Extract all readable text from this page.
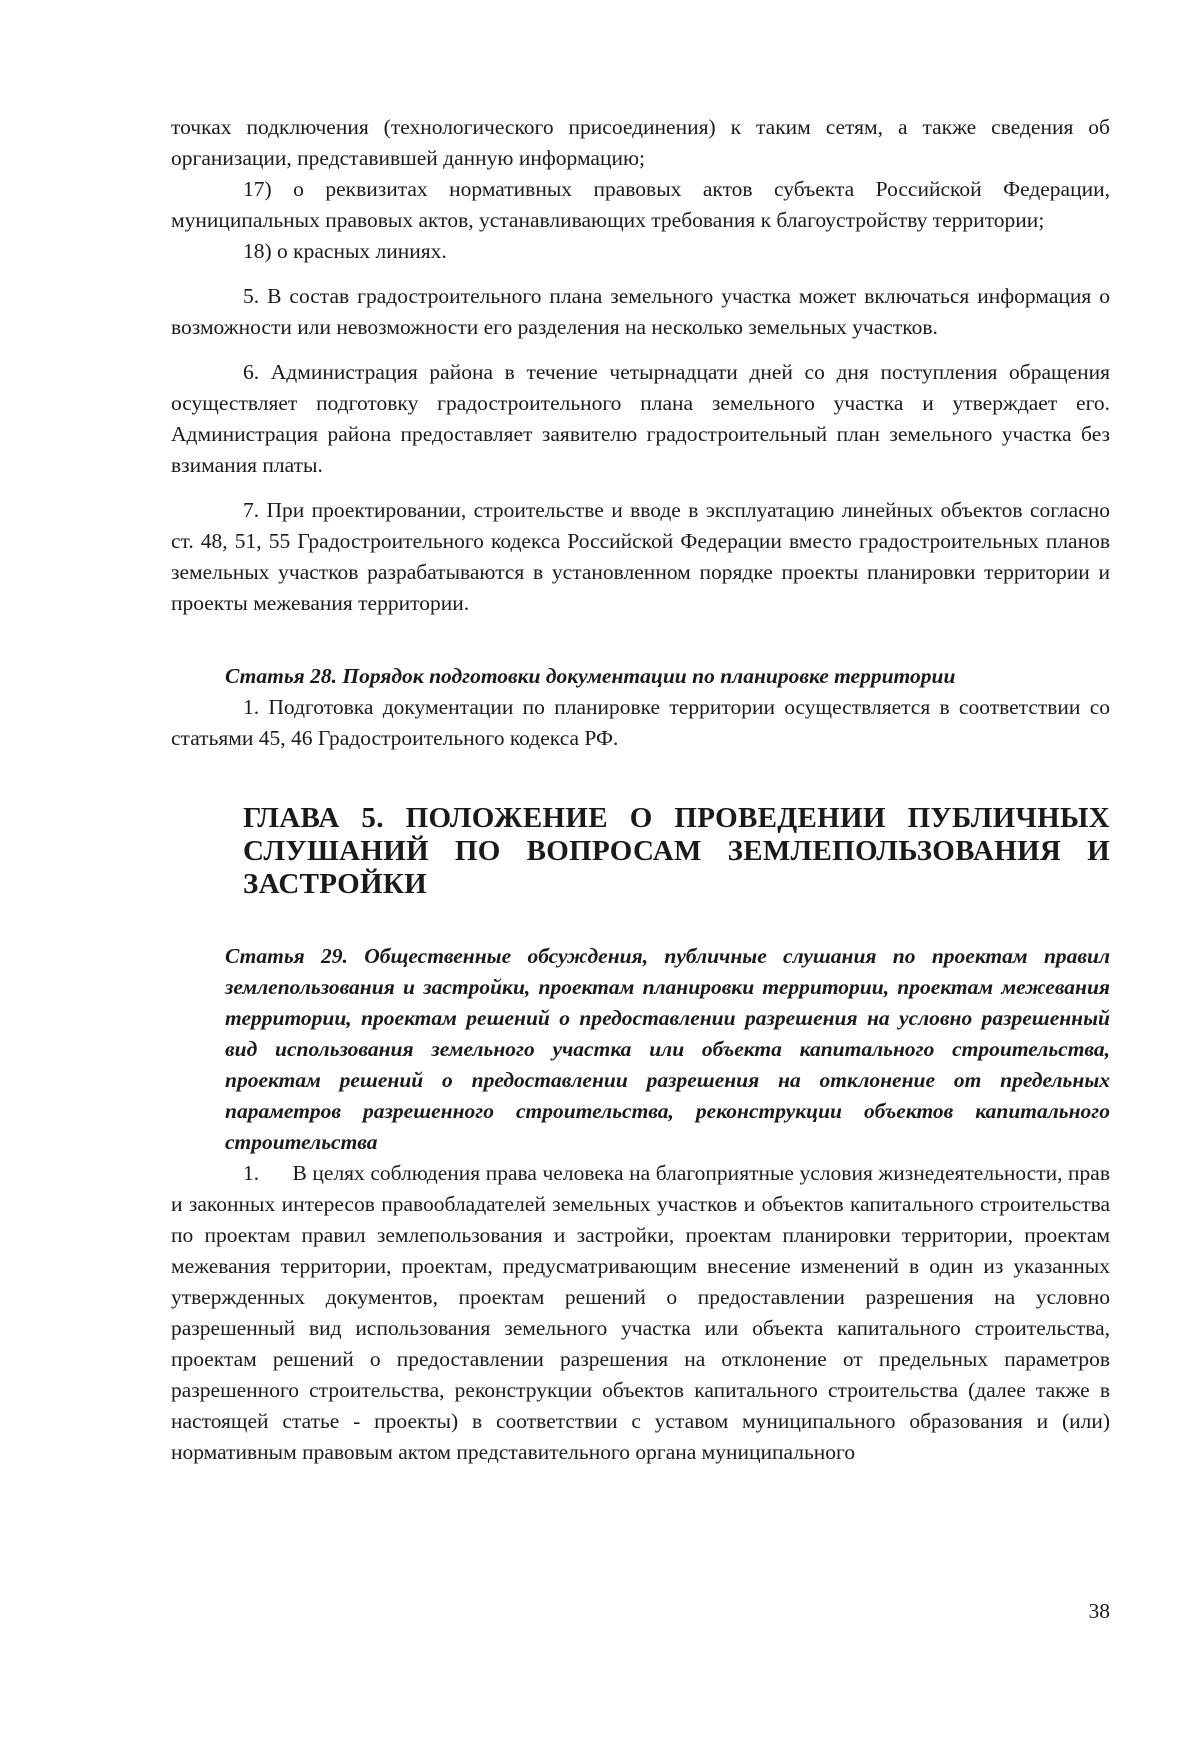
точках подключения (технологического присоединения) к таким сетям, а также сведения об организации, представившей данную информацию;

17) о реквизитах нормативных правовых актов субъекта Российской Федерации, муниципальных правовых актов, устанавливающих требования к благоустройству территории;

18) о красных линиях.

5. В состав градостроительного плана земельного участка может включаться информация о возможности или невозможности его разделения на несколько земельных участков.

6. Администрация района в течение четырнадцати дней со дня поступления обращения осуществляет подготовку градостроительного плана земельного участка и утверждает его. Администрация района предоставляет заявителю градостроительный план земельного участка без взимания платы.

7. При проектировании, строительстве и вводе в эксплуатацию линейных объектов согласно ст. 48, 51, 55 Градостроительного кодекса Российской Федерации вместо градостроительных планов земельных участков разрабатываются в установленном порядке проекты планировки территории и проекты межевания территории.

Статья 28. Порядок подготовки документации по планировке территории

1. Подготовка документации по планировке территории осуществляется в соответствии со статьями 45, 46 Градостроительного кодекса РФ.

ГЛАВА 5. ПОЛОЖЕНИЕ О ПРОВЕДЕНИИ ПУБЛИЧНЫХ СЛУШАНИЙ ПО ВОПРОСАМ ЗЕМЛЕПОЛЬЗОВАНИЯ И ЗАСТРОЙКИ

Статья 29. Общественные обсуждения, публичные слушания по проектам правил землепользования и застройки, проектам планировки территории, проектам межевания территории, проектам решений о предоставлении разрешения на условно разрешенный вид использования земельного участка или объекта капитального строительства, проектам решений о предоставлении разрешения на отклонение от предельных параметров разрешенного строительства, реконструкции объектов капитального строительства

1.      В целях соблюдения права человека на благоприятные условия жизнедеятельности, прав и законных интересов правообладателей земельных участков и объектов капитального строительства по проектам правил землепользования и застройки, проектам планировки территории, проектам межевания территории, проектам, предусматривающим внесение изменений в один из указанных утвержденных документов, проектам решений о предоставлении разрешения на условно разрешенный вид использования земельного участка или объекта капитального строительства, проектам решений о предоставлении разрешения на отклонение от предельных параметров разрешенного строительства, реконструкции объектов капитального строительства (далее также в настоящей статье - проекты) в соответствии с уставом муниципального образования и (или) нормативным правовым актом представительного органа муниципального

38
